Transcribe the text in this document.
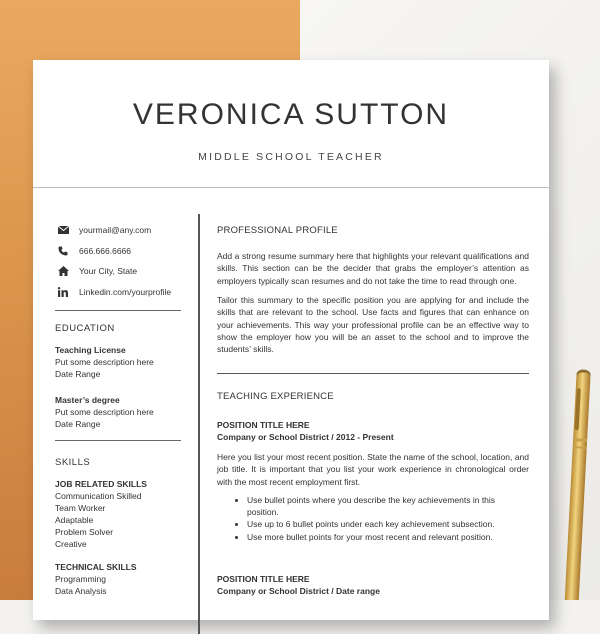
VERONICA SUTTON
MIDDLE SCHOOL TEACHER
yourmail@any.com
666.666.6666
Your City, State
Linkedin.com/yourprofile
EDUCATION
Teaching License
Put some description here
Date Range
Master’s degree
Put some description here
Date Range
SKILLS
JOB RELATED SKILLS
Communication Skilled
Team Worker
Adaptable
Problem Solver
Creative
TECHNICAL SKILLS
Programming
Data Analysis
PROFESSIONAL PROFILE
Add a strong resume summary here that highlights your relevant qualifications and skills. This section can be the decider that grabs the employer’s attention as employers typically scan resumes and do not take the time to read through one.
Tailor this summary to the specific position you are applying for and include the skills that are relevant to the school. Use facts and figures that can enhance on your achievements. This way your professional profile can be an effective way to show the employer how you will be an asset to the school and to improve the students’ skills.
TEACHING EXPERIENCE
POSITION TITLE HERE
Company or School District / 2012 - Present
Here you list your most recent position. State the name of the school, location, and job title. It is important that you list your work experience in chronological order with the most recent employment first.
• Use bullet points where you describe the key achievements in this position.
• Use up to 6 bullet points under each key achievement subsection.
• Use more bullet points for your most recent and relevant position.
POSITION TITLE HERE
Company or School District / Date range
